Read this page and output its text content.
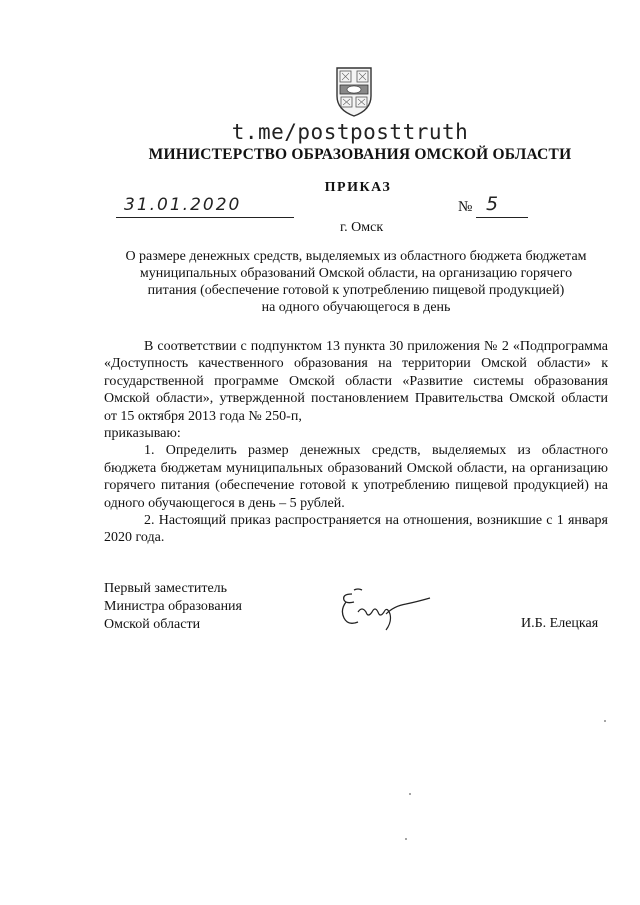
t.me/postposttruth
МИНИСТЕРСТВО ОБРАЗОВАНИЯ ОМСКОЙ ОБЛАСТИ
ПРИКАЗ
31.01.2020	№ 5
г. Омск
О размере денежных средств, выделяемых из областного бюджета бюджетам
муниципальных образований Омской области, на организацию горячего
питания (обеспечение готовой к употреблению пищевой продукцией)
на одного обучающегося в день

В соответствии с подпунктом 13 пункта 30 приложения № 2 «Подпрограмма «Доступность качественного образования на территории Омской области» к государственной программе Омской области «Развитие системы образования Омской области», утвержденной постановлением Правительства Омской области от 15 октября 2013 года № 250-п,

приказываю:

1. Определить размер денежных средств, выделяемых из областного бюджета бюджетам муниципальных образований Омской области, на организацию горячего питания (обеспечение готовой к употреблению пищевой продукцией) на одного обучающегося в день – 5 рублей.

2. Настоящий приказ распространяется на отношения, возникшие с 1 января 2020 года.

Первый заместитель
Министра образования
Омской области	И.Б. Елецкая
